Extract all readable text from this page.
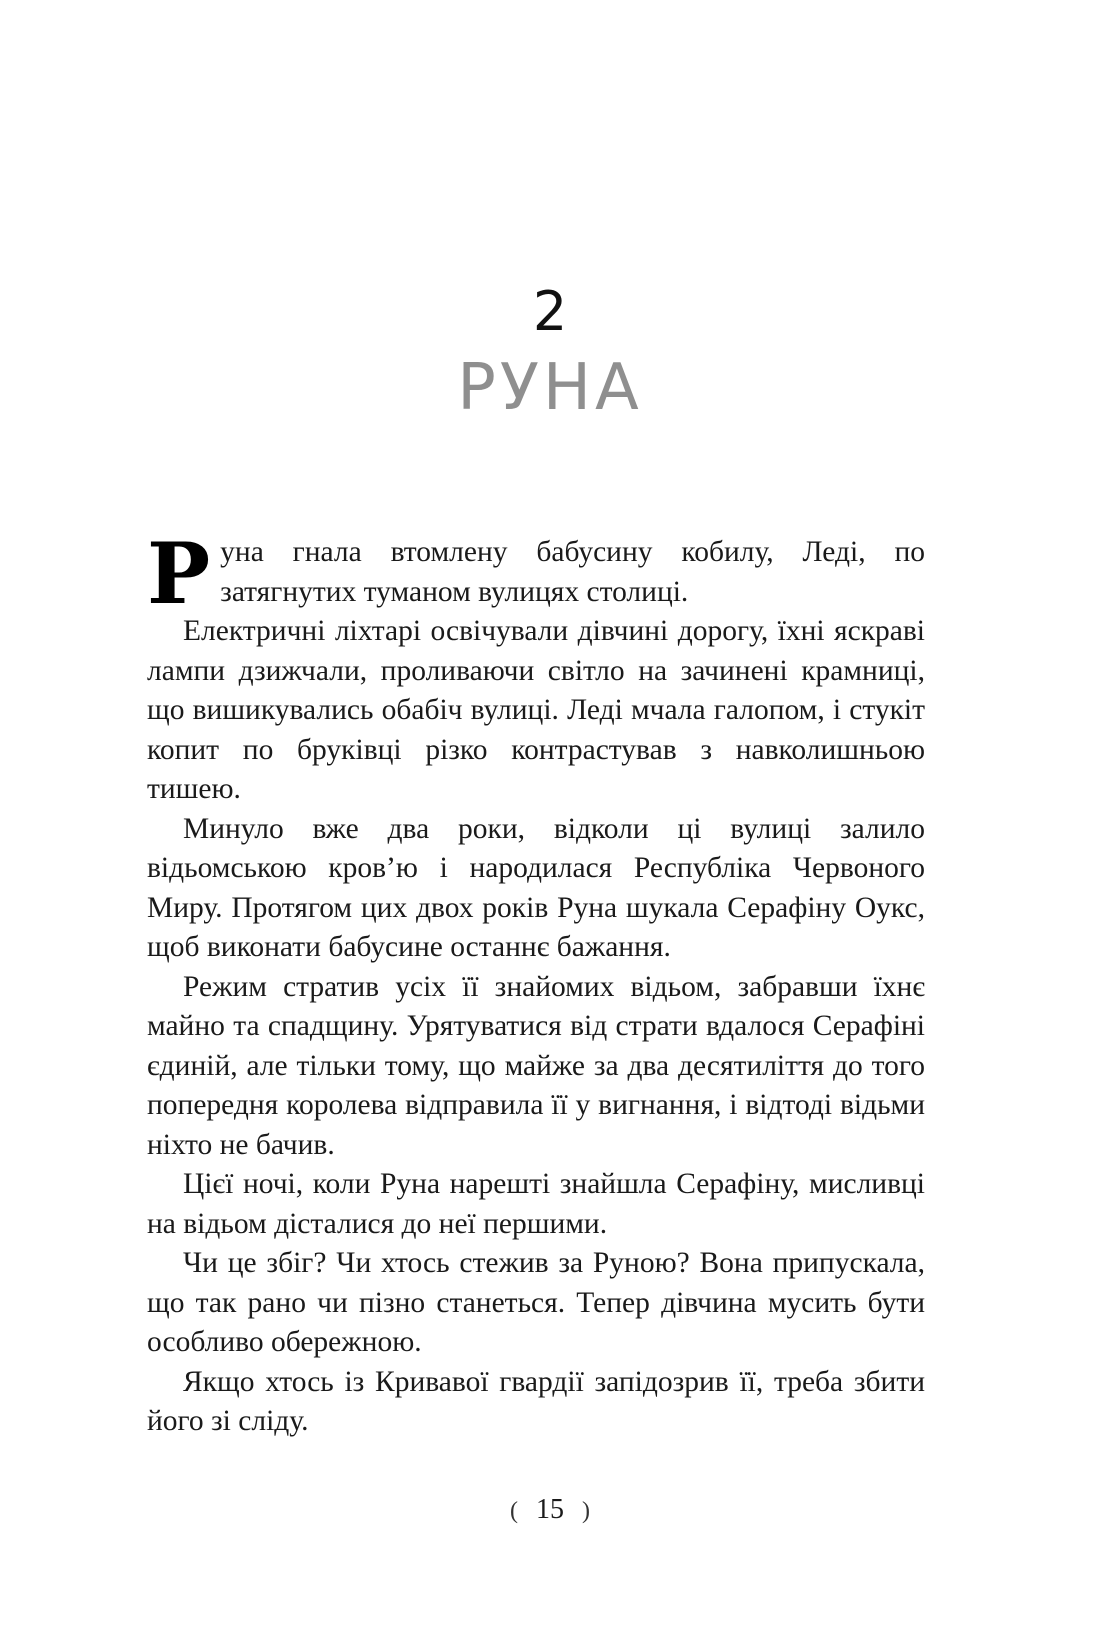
2
РУНА

Руна гнала втомлену бабусину кобилу, Леді, по затягнутих туманом вулицях столиці.

Електричні ліхтарі освічували дівчині дорогу, їхні яскраві лампи дзижчали, проливаючи світло на зачинені крамниці, що вишикувались обабіч вулиці. Леді мчала галопом, і стукіт копит по бруківці різко контрастував з навколишньою тишею.

Минуло вже два роки, відколи ці вулиці залило відьомською кров’ю і народилася Республіка Червоного Миру. Протягом цих двох років Руна шукала Серафіну Оукс, щоб виконати бабусине останнє бажання.

Режим стратив усіх її знайомих відьом, забравши їхнє майно та спадщину. Урятуватися від страти вдалося Серафіні єдиній, але тільки тому, що майже за два десятиліття до того попередня королева відправила її у вигнання, і відтоді відьми ніхто не бачив.

Цієї ночі, коли Руна нарешті знайшла Серафіну, мисливці на відьом дісталися до неї першими.

Чи це збіг? Чи хтось стежив за Руною? Вона припускала, що так рано чи пізно станеться. Тепер дівчина мусить бути особливо обережною.

Якщо хтось із Кривавої гвардії запідозрив її, треба збити його зі сліду.

( 15 )
